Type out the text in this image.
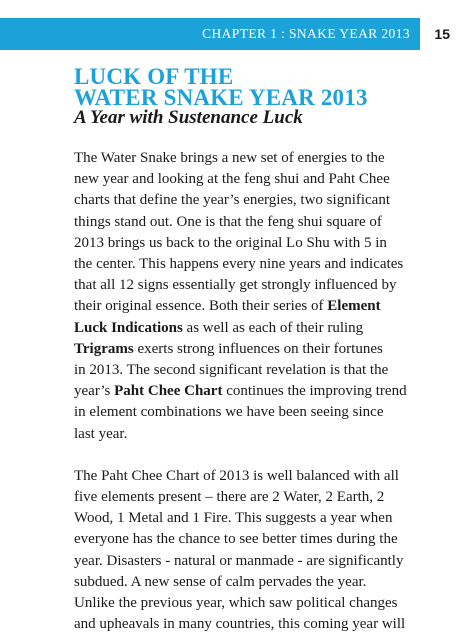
CHAPTER 1 : SNAKE YEAR 2013 15
LUCK OF THE
WATER SNAKE YEAR 2013
A Year with Sustenance Luck
The Water Snake brings a new set of energies to the
new year and looking at the feng shui and Paht Chee
charts that define the year’s energies, two significant
things stand out. One is that the feng shui square of
2013 brings us back to the original Lo Shu with 5 in
the center. This happens every nine years and indicates
that all 12 signs essentially get strongly influenced by
their original essence. Both their series of Element
Luck Indications as well as each of their ruling
Trigrams exerts strong influences on their fortunes
in 2013. The second significant revelation is that the
year’s Paht Chee Chart continues the improving trend
in element combinations we have been seeing since
last year.
The Paht Chee Chart of 2013 is well balanced with all
five elements present – there are 2 Water, 2 Earth, 2
Wood, 1 Metal and 1 Fire. This suggests a year when
everyone has the chance to see better times during the
year. Disasters - natural or manmade - are significantly
subdued. A new sense of calm pervades the year.
Unlike the previous year, which saw political changes
and upheavals in many countries, this coming year will
